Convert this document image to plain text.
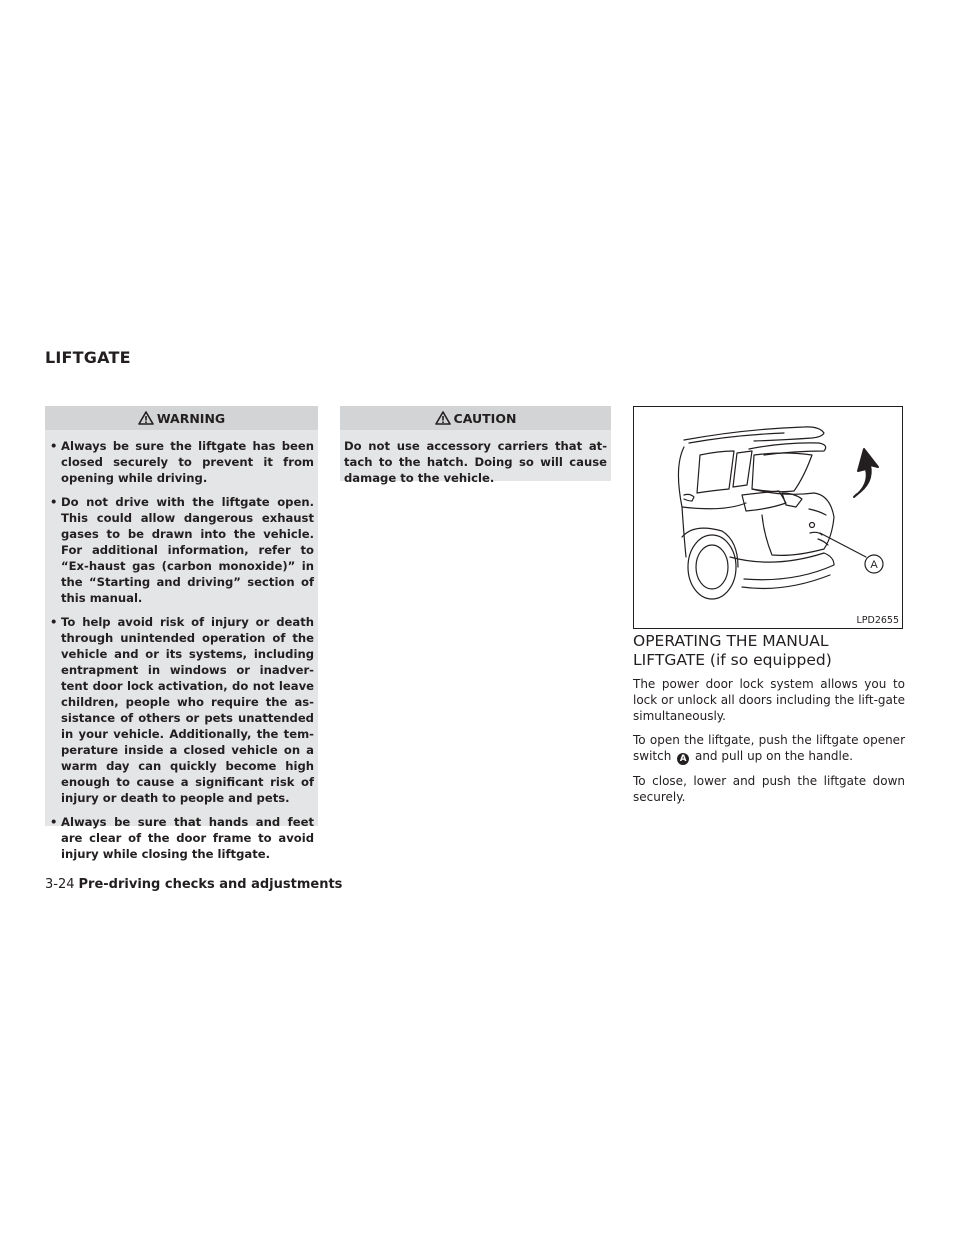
LIFTGATE
WARNING
• Always be sure the liftgate has been closed securely to prevent it from opening while driving.
• Do not drive with the liftgate open. This could allow dangerous exhaust gases to be drawn into the vehicle. For additional information, refer to “Ex-haust gas (carbon monoxide)” in the “Starting and driving” section of this manual.
• To help avoid risk of injury or death through unintended operation of the vehicle and or its systems, including entrapment in windows or inadver-tent door lock activation, do not leave children, people who require the as-sistance of others or pets unattended in your vehicle. Additionally, the tem-perature inside a closed vehicle on a warm day can quickly become high enough to cause a significant risk of injury or death to people and pets.
• Always be sure that hands and feet are clear of the door frame to avoid injury while closing the liftgate.
CAUTION
Do not use accessory carriers that at-tach to the hatch. Doing so will cause damage to the vehicle.
A
LPD2655
OPERATING THE MANUAL
LIFTGATE (if so equipped)

The power door lock system allows you to lock or unlock all doors including the lift-gate simultaneously.

To open the liftgate, push the liftgate opener switch A and pull up on the handle.

To close, lower and push the liftgate down securely.

3-24 Pre-driving checks and adjustments
